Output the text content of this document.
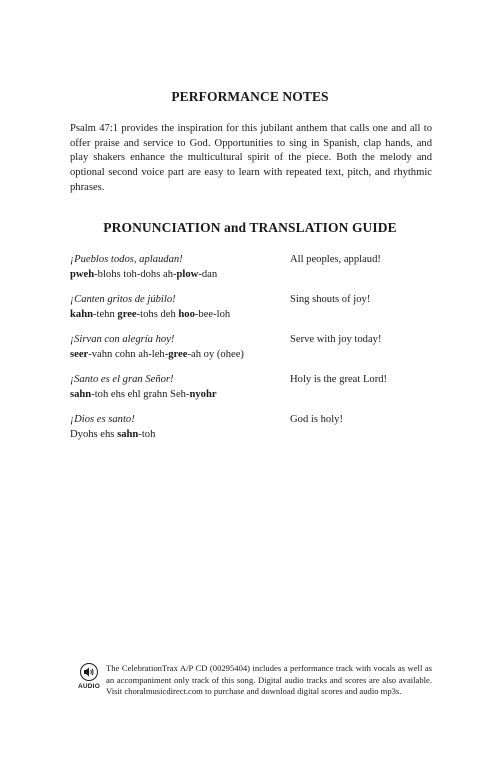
PERFORMANCE NOTES

Psalm 47:1 provides the inspiration for this jubilant anthem that calls one and all to offer praise and service to God. Opportunities to sing in Spanish, clap hands, and play shakers enhance the multicultural spirit of the piece. Both the melody and optional second voice part are easy to learn with repeated text, pitch, and rhythmic phrases.

PRONUNCIATION and TRANSLATION GUIDE
¡Pueblos todos, aplaudan!
pweh-blohs toh-dohs ah-plow-dan
All peoples, applaud!
¡Canten gritos de júbilo!
kahn-tehn gree-tohs deh hoo-bee-loh
Sing shouts of joy!
¡Sirvan con alegría hoy!
seer-vahn cohn ah-leh-gree-ah oy (ohee)
Serve with joy today!
¡Santo es el gran Señor!
sahn-toh ehs ehl grahn Seh-nyohr
Holy is the great Lord!
¡Dios es santo!
Dyohs ehs sahn-toh
God is holy!
AUDIO

The CelebrationTrax A/P CD (00295404) includes a performance track with vocals as well as an accompaniment only track of this song. Digital audio tracks and scores are also available. Visit choralmusicdirect.com to purchase and download digital scores and audio mp3s.
